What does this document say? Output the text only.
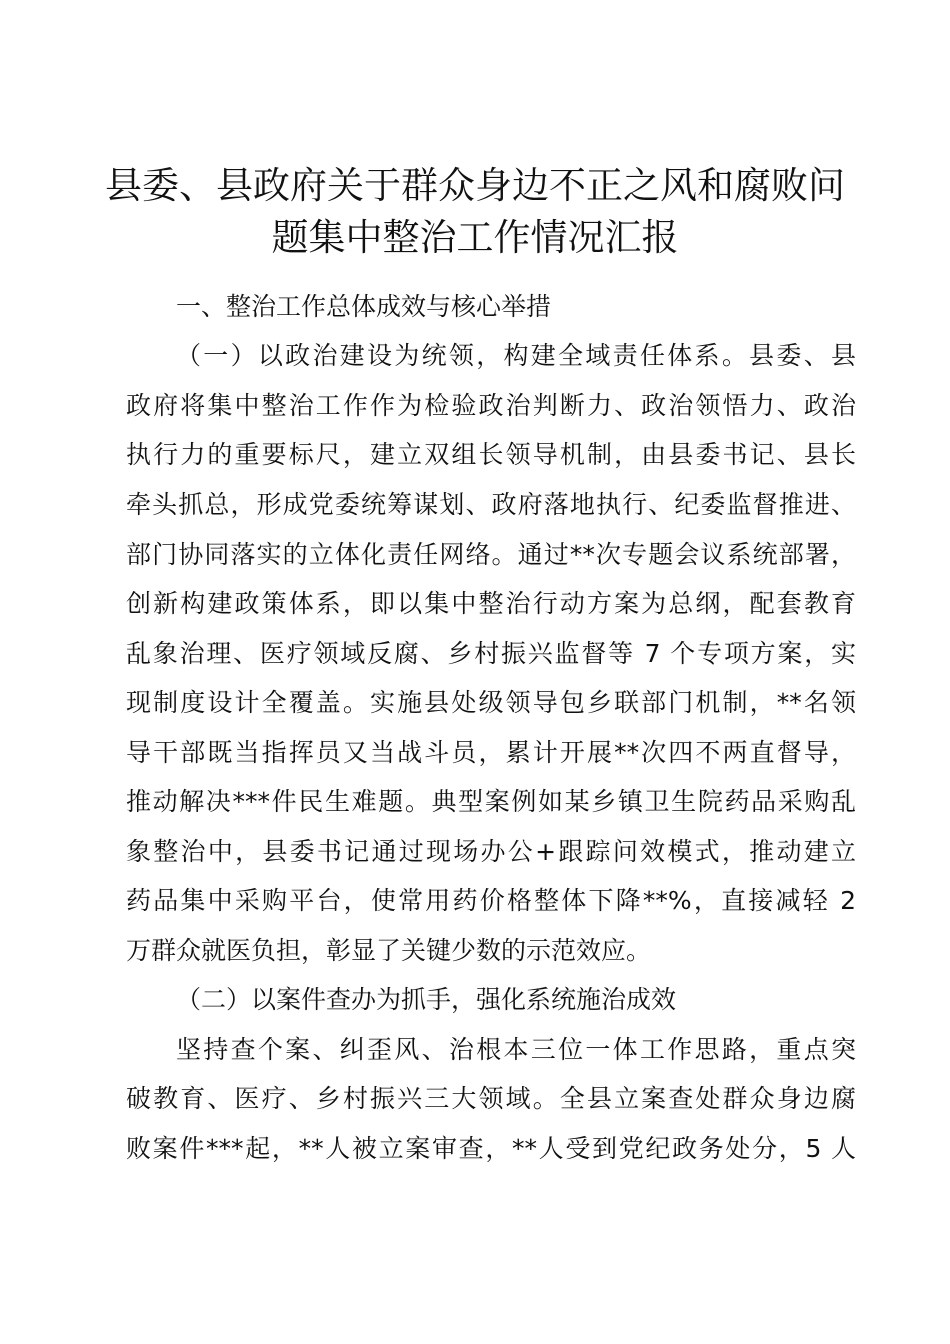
县委、县政府关于群众身边不正之风和腐败问
题集中整治工作情况汇报

一、整治工作总体成效与核心举措

（一）以政治建设为统领，构建全域责任体系。县委、县

政府将集中整治工作作为检验政治判断力、政治领悟力、政治

执行力的重要标尺，建立双组长领导机制，由县委书记、县长

牵头抓总，形成党委统筹谋划、政府落地执行、纪委监督推进、

部门协同落实的立体化责任网络。通过**次专题会议系统部署，

创新构建政策体系，即以集中整治行动方案为总纲，配套教育

乱象治理、医疗领域反腐、乡村振兴监督等 7 个专项方案，实

现制度设计全覆盖。实施县处级领导包乡联部门机制，**名领

导干部既当指挥员又当战斗员，累计开展**次四不两直督导，

推动解决***件民生难题。典型案例如某乡镇卫生院药品采购乱

象整治中，县委书记通过现场办公+跟踪问效模式，推动建立

药品集中采购平台，使常用药价格整体下降**%，直接减轻 2

万群众就医负担，彰显了关键少数的示范效应。

（二）以案件查办为抓手，强化系统施治成效

坚持查个案、纠歪风、治根本三位一体工作思路，重点突

破教育、医疗、乡村振兴三大领域。全县立案查处群众身边腐

败案件***起，**人被立案审查，**人受到党纪政务处分，5 人
